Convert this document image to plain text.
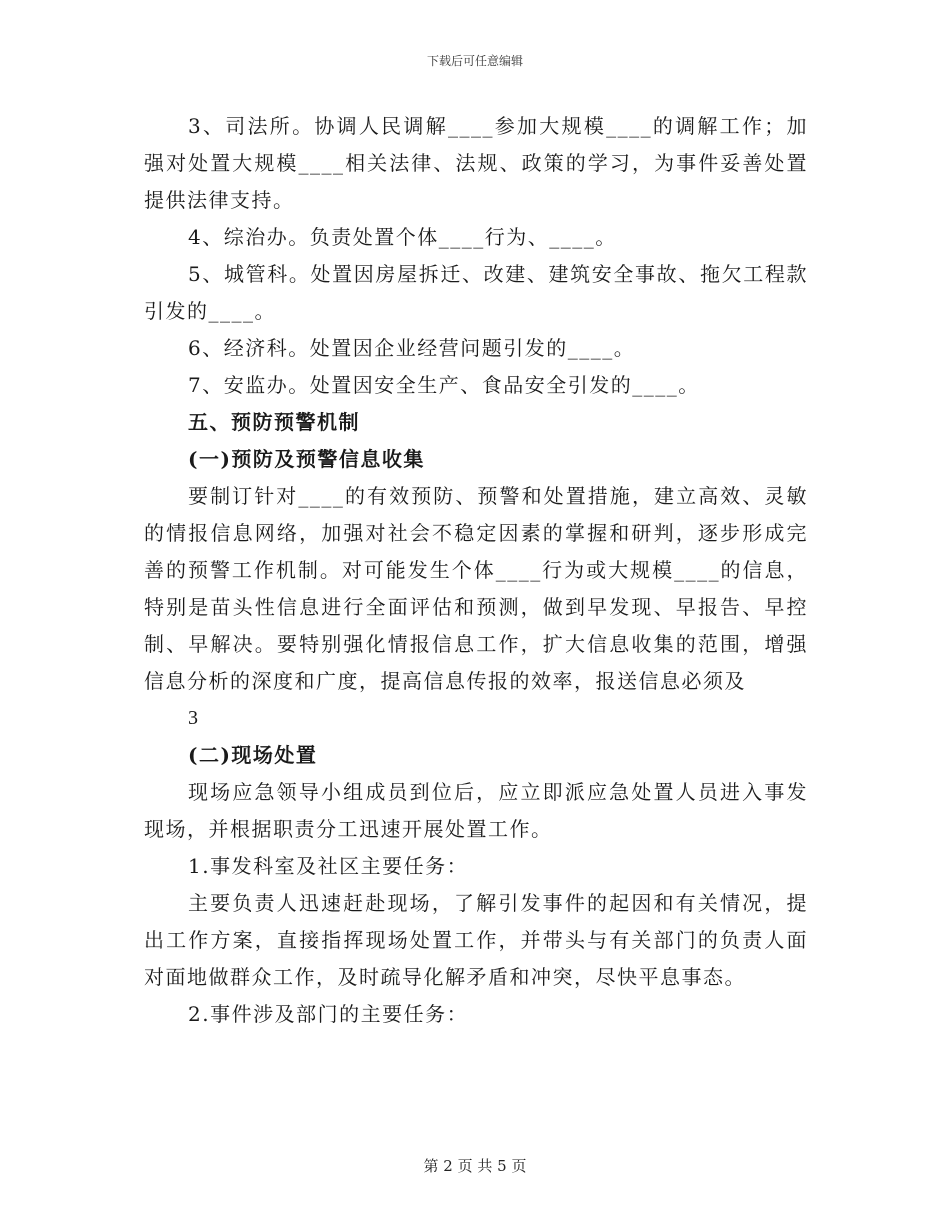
下载后可任意编辑

3、司法所。协调人民调解____参加大规模____的调解工作；加强对处置大规模____相关法律、法规、政策的学习，为事件妥善处置提供法律支持。

4、综治办。负责处置个体____行为、____。

5、城管科。处置因房屋拆迁、改建、建筑安全事故、拖欠工程款引发的____。

6、经济科。处置因企业经营问题引发的____。

7、安监办。处置因安全生产、食品安全引发的____。

五、预防预警机制

(一)预防及预警信息收集

要制订针对____的有效预防、预警和处置措施，建立高效、灵敏的情报信息网络，加强对社会不稳定因素的掌握和研判，逐步形成完善的预警工作机制。对可能发生个体____行为或大规模____的信息，特别是苗头性信息进行全面评估和预测，做到早发现、早报告、早控制、早解决。要特别强化情报信息工作，扩大信息收集的范围，增强信息分析的深度和广度，提高信息传报的效率，报送信息必须及

3

(二)现场处置

现场应急领导小组成员到位后，应立即派应急处置人员进入事发现场，并根据职责分工迅速开展处置工作。

1.事发科室及社区主要任务：

主要负责人迅速赶赴现场，了解引发事件的起因和有关情况，提出工作方案，直接指挥现场处置工作，并带头与有关部门的负责人面对面地做群众工作，及时疏导化解矛盾和冲突，尽快平息事态。

2.事件涉及部门的主要任务：

第 2 页 共 5 页
